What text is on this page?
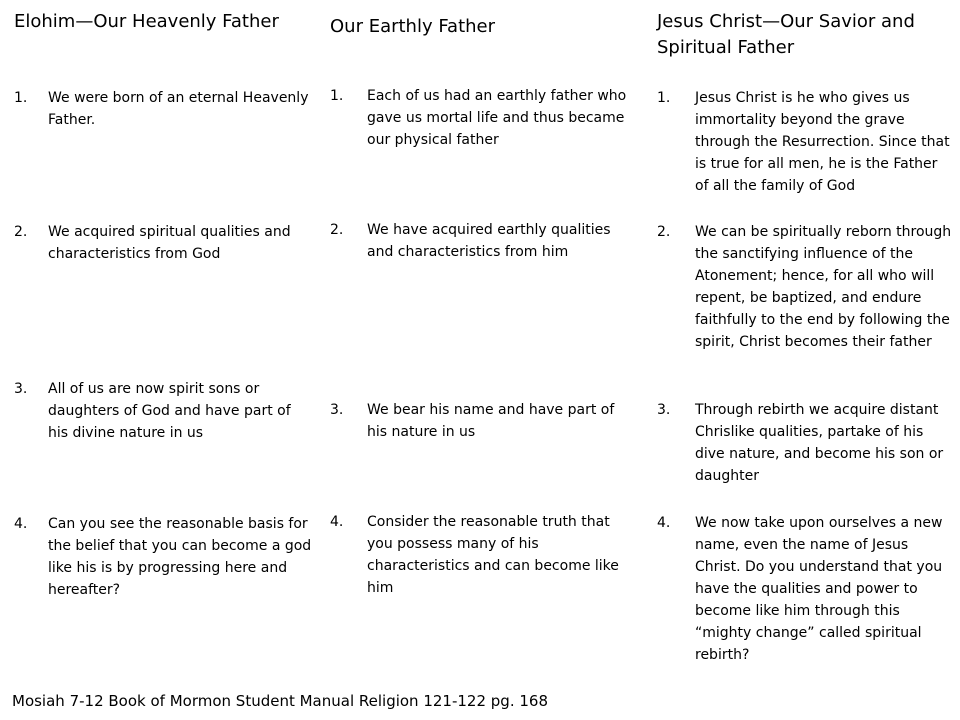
Elohim—Our Heavenly Father
1. We were born of an eternal Heavenly Father.
2. We acquired spiritual qualities and characteristics from God
3. All of us are now spirit sons or daughters of God and have part of his divine nature in us
4. Can you see the reasonable basis for the belief that you can become a god like his is by progressing here and hereafter?
Our Earthly Father
1. Each of us had an earthly father who gave us mortal life and thus became our physical father
2. We have acquired earthly qualities and characteristics from him
3. We bear his name and have part of his nature in us
4. Consider the reasonable truth that you possess many of his characteristics and can become like him
Jesus Christ—Our Savior and
Spiritual Father
1. Jesus Christ is he who gives us immortality beyond the grave through the Resurrection. Since that is true for all men, he is the Father of all the family of God
2. We can be spiritually reborn through the sanctifying influence of the Atonement; hence, for all who will repent, be baptized, and endure faithfully to the end by following the spirit, Christ becomes their father
3. Through rebirth we acquire distant Chrislike qualities, partake of his dive nature, and become his son or daughter
4. We now take upon ourselves a new name, even the name of Jesus Christ. Do you understand that you have the qualities and power to become like him through this “mighty change” called spiritual rebirth?

Mosiah 7-12 Book of Mormon Student Manual Religion 121-122 pg. 168
